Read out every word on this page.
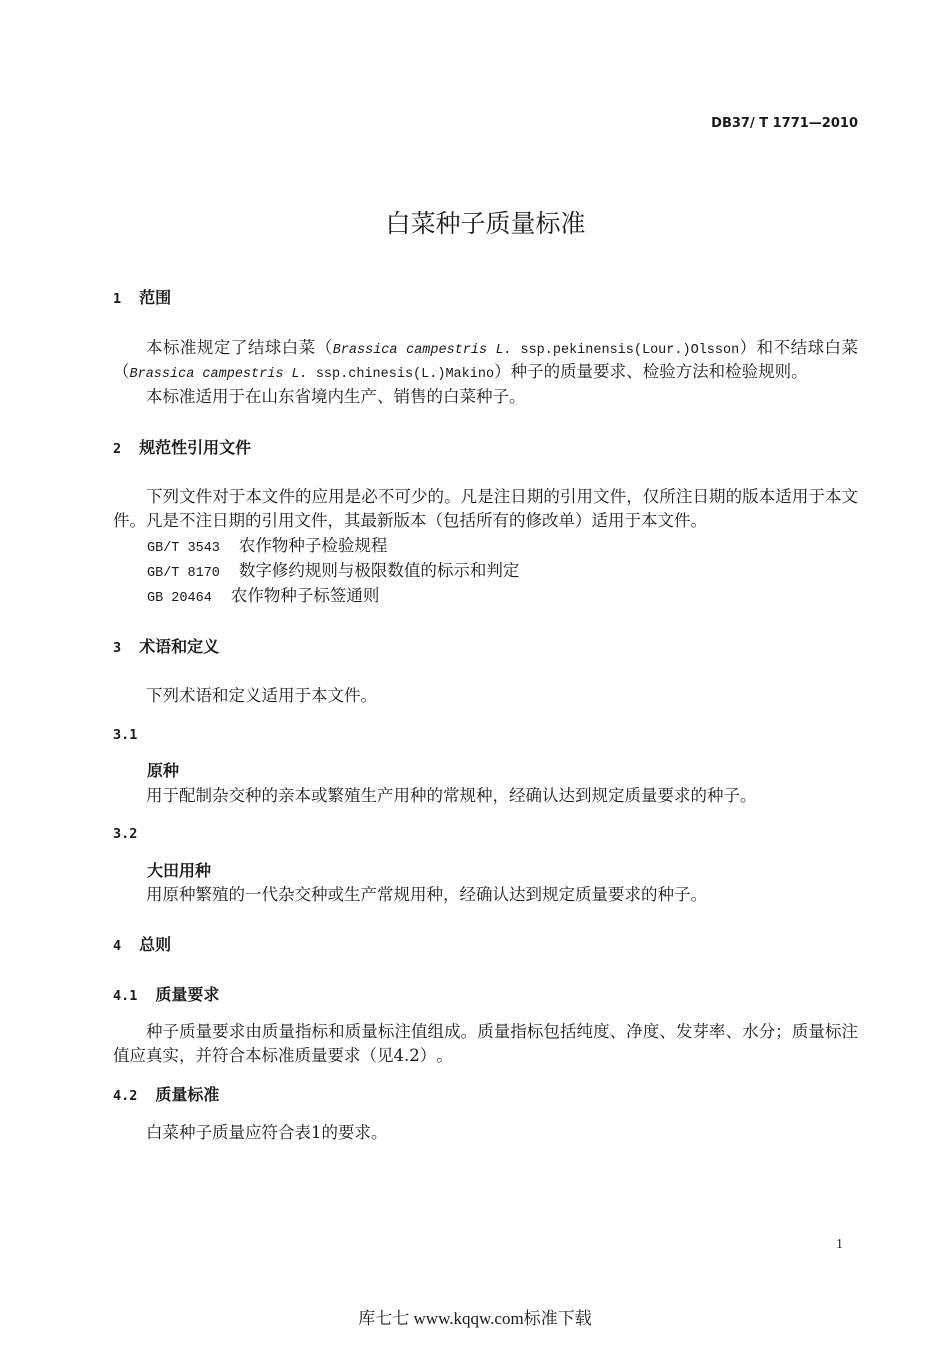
DB37/ T 1771—2010
白菜种子质量标准
1 范围

本标准规定了结球白菜（Brassica campestris L. ssp.pekinensis(Lour.)Olsson）和不结球白菜（Brassica campestris L. ssp.chinesis(L.)Makino）种子的质量要求、检验方法和检验规则。

本标准适用于在山东省境内生产、销售的白菜种子。

2 规范性引用文件

下列文件对于本文件的应用是必不可少的。凡是注日期的引用文件，仅所注日期的版本适用于本文件。凡是不注日期的引用文件，其最新版本（包括所有的修改单）适用于本文件。

GB/T 3543 农作物种子检验规程
GB/T 8170 数字修约规则与极限数值的标示和判定
GB 20464 农作物种子标签通则
3 术语和定义

下列术语和定义适用于本文件。

3.1
原种

用于配制杂交种的亲本或繁殖生产用种的常规种，经确认达到规定质量要求的种子。

3.2
大田用种

用原种繁殖的一代杂交种或生产常规用种，经确认达到规定质量要求的种子。

4 总则
4.1 质量要求

种子质量要求由质量指标和质量标注值组成。质量指标包括纯度、净度、发芽率、水分；质量标注值应真实，并符合本标准质量要求（见4.2）。

4.2 质量标准

白菜种子质量应符合表1的要求。

1
库七七 www.kqqw.com标准下载
